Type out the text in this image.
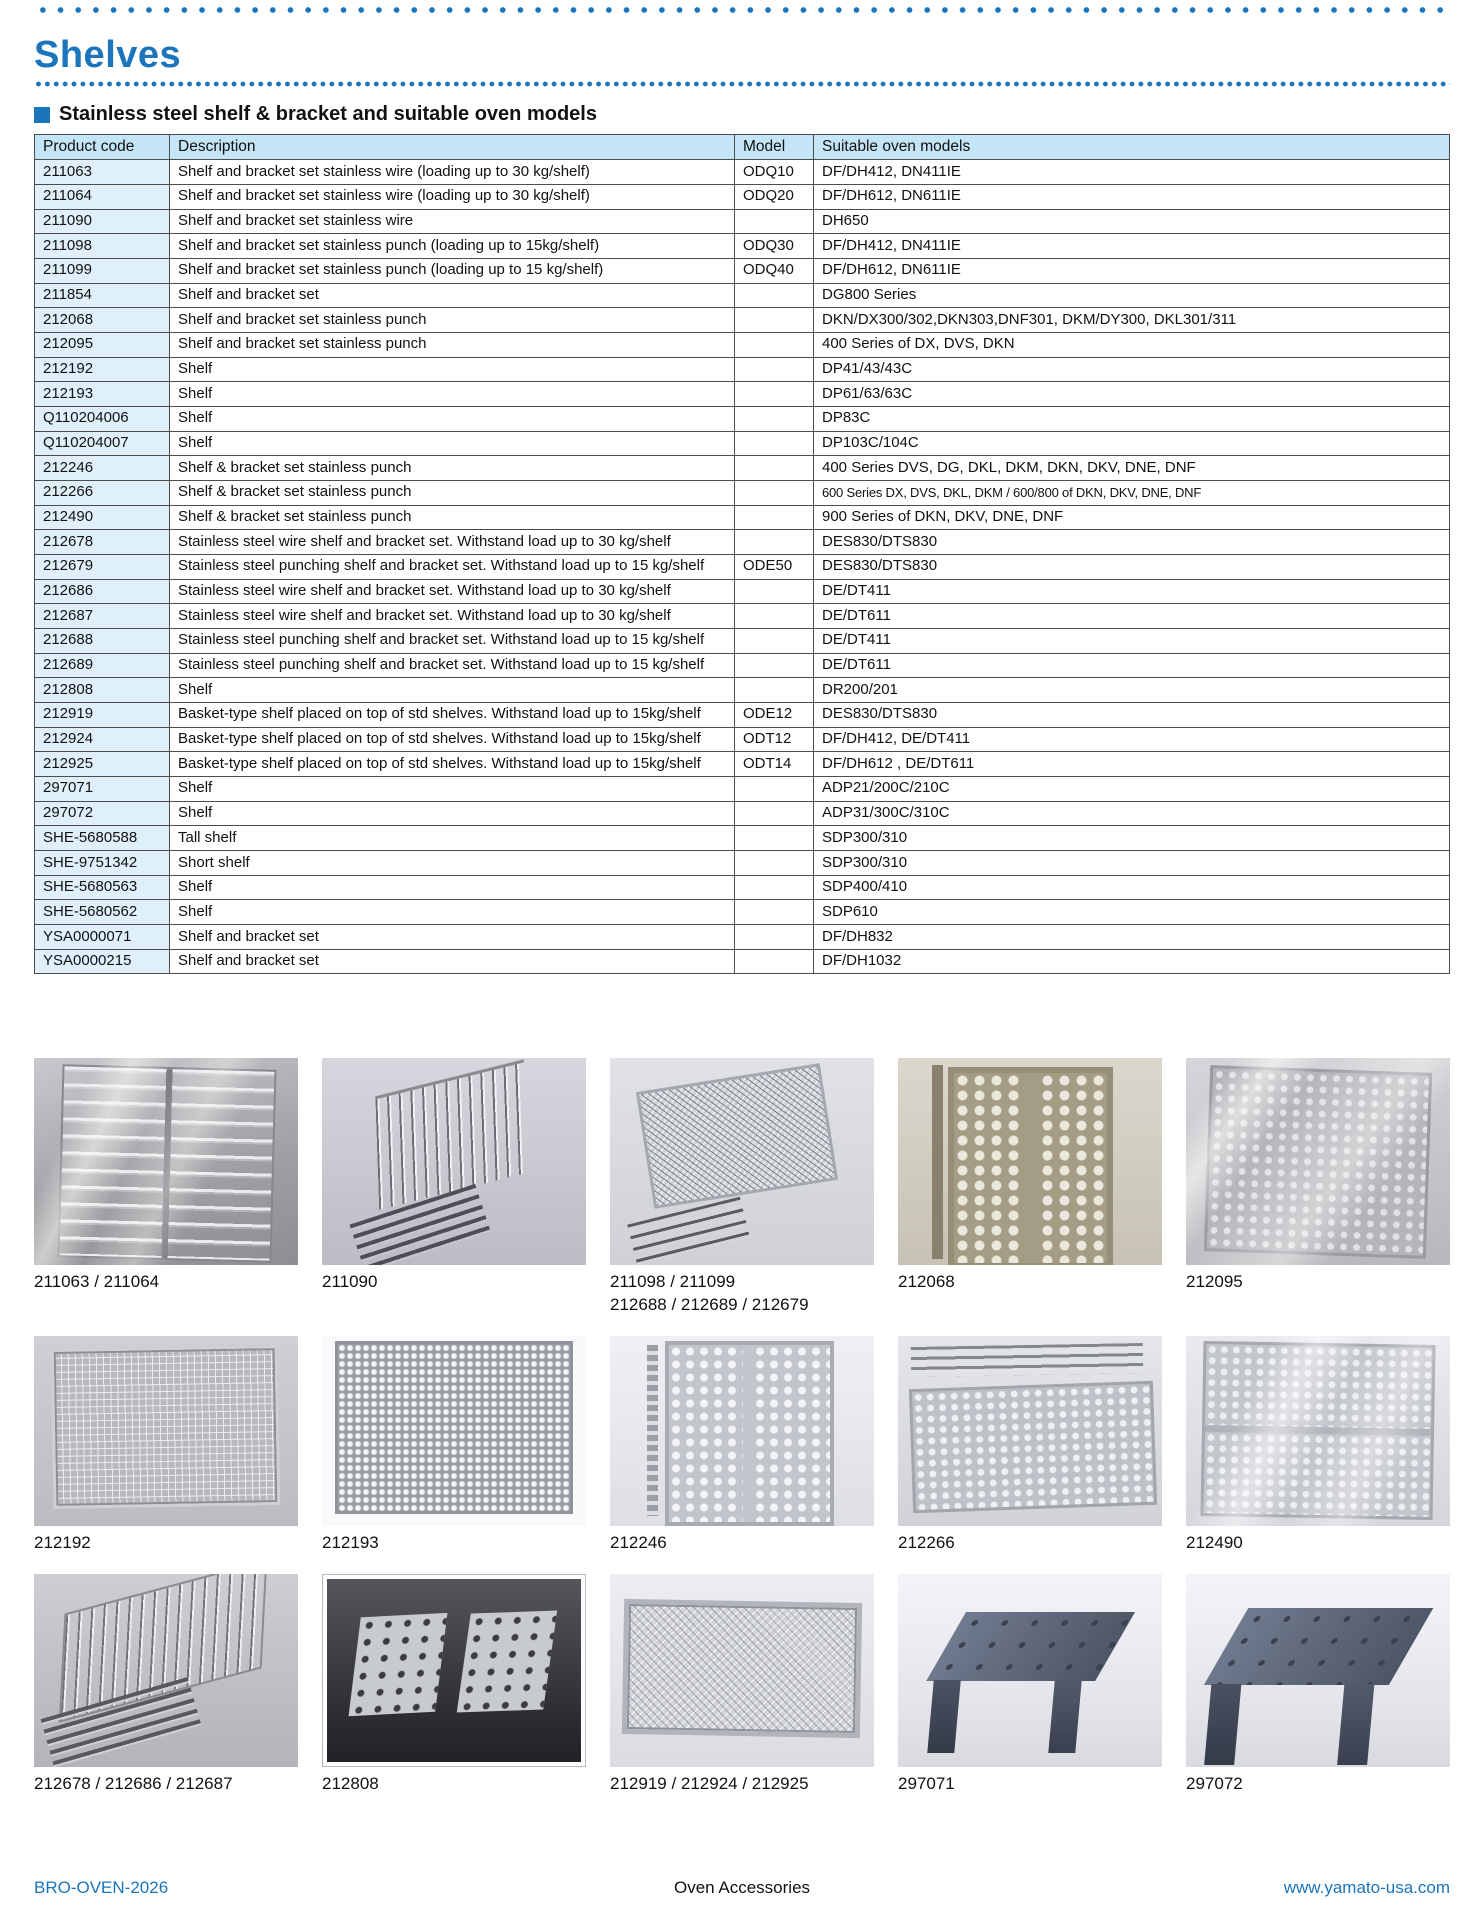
Shelves
Stainless steel shelf & bracket and suitable oven models
Product code	Description	Model	Suitable oven models
211063	Shelf and bracket set stainless wire (loading up to 30 kg/shelf)	ODQ10	DF/DH412, DN411IE
211064	Shelf and bracket set stainless wire (loading up to 30 kg/shelf)	ODQ20	DF/DH612, DN611IE
211090	Shelf and bracket set stainless wire		DH650
211098	Shelf and bracket set stainless punch (loading up to 15kg/shelf)	ODQ30	DF/DH412, DN411IE
211099	Shelf and bracket set stainless punch (loading up to 15 kg/shelf)	ODQ40	DF/DH612, DN611IE
211854	Shelf and bracket set		DG800 Series
212068	Shelf and bracket set stainless punch		DKN/DX300/302,DKN303,DNF301, DKM/DY300, DKL301/311
212095	Shelf and bracket set stainless punch		400 Series of DX, DVS, DKN
212192	Shelf		DP41/43/43C
212193	Shelf		DP61/63/63C
Q110204006	Shelf		DP83C
Q110204007	Shelf		DP103C/104C
212246	Shelf & bracket set stainless punch		400 Series DVS, DG, DKL, DKM, DKN, DKV, DNE, DNF
212266	Shelf & bracket set stainless punch		600 Series DX, DVS, DKL, DKM / 600/800 of DKN, DKV, DNE, DNF
212490	Shelf & bracket set stainless punch		900 Series of DKN, DKV, DNE, DNF
212678	Stainless steel wire shelf and bracket set. Withstand load up to 30 kg/shelf		DES830/DTS830
212679	Stainless steel punching shelf and bracket set. Withstand load up to 15 kg/shelf	ODE50	DES830/DTS830
212686	Stainless steel wire shelf and bracket set. Withstand load up to 30 kg/shelf		DE/DT411
212687	Stainless steel wire shelf and bracket set. Withstand load up to 30 kg/shelf		DE/DT611
212688	Stainless steel punching shelf and bracket set. Withstand load up to 15 kg/shelf		DE/DT411
212689	Stainless steel punching shelf and bracket set. Withstand load up to 15 kg/shelf		DE/DT611
212808	Shelf		DR200/201
212919	Basket-type shelf placed on top of std shelves. Withstand load up to 15kg/shelf	ODE12	DES830/DTS830
212924	Basket-type shelf placed on top of std shelves. Withstand load up to 15kg/shelf	ODT12	DF/DH412, DE/DT411
212925	Basket-type shelf placed on top of std shelves. Withstand load up to 15kg/shelf	ODT14	DF/DH612 , DE/DT611
297071	Shelf		ADP21/200C/210C
297072	Shelf		ADP31/300C/310C
SHE-5680588	Tall shelf		SDP300/310
SHE-9751342	Short shelf		SDP300/310
SHE-5680563	Shelf		SDP400/410
SHE-5680562	Shelf		SDP610
YSA0000071	Shelf and bracket set		DF/DH832
YSA0000215	Shelf and bracket set		DF/DH1032
211063 / 211064	211090	211098 / 211099
212688 / 212689 / 212679
212068	212095
212192	212193	212246	212266	212490
212678 / 212686 / 212687	212808	212919 / 212924 / 212925	297071	297072
BRO-OVEN-2026	Oven Accessories	www.yamato-usa.com
